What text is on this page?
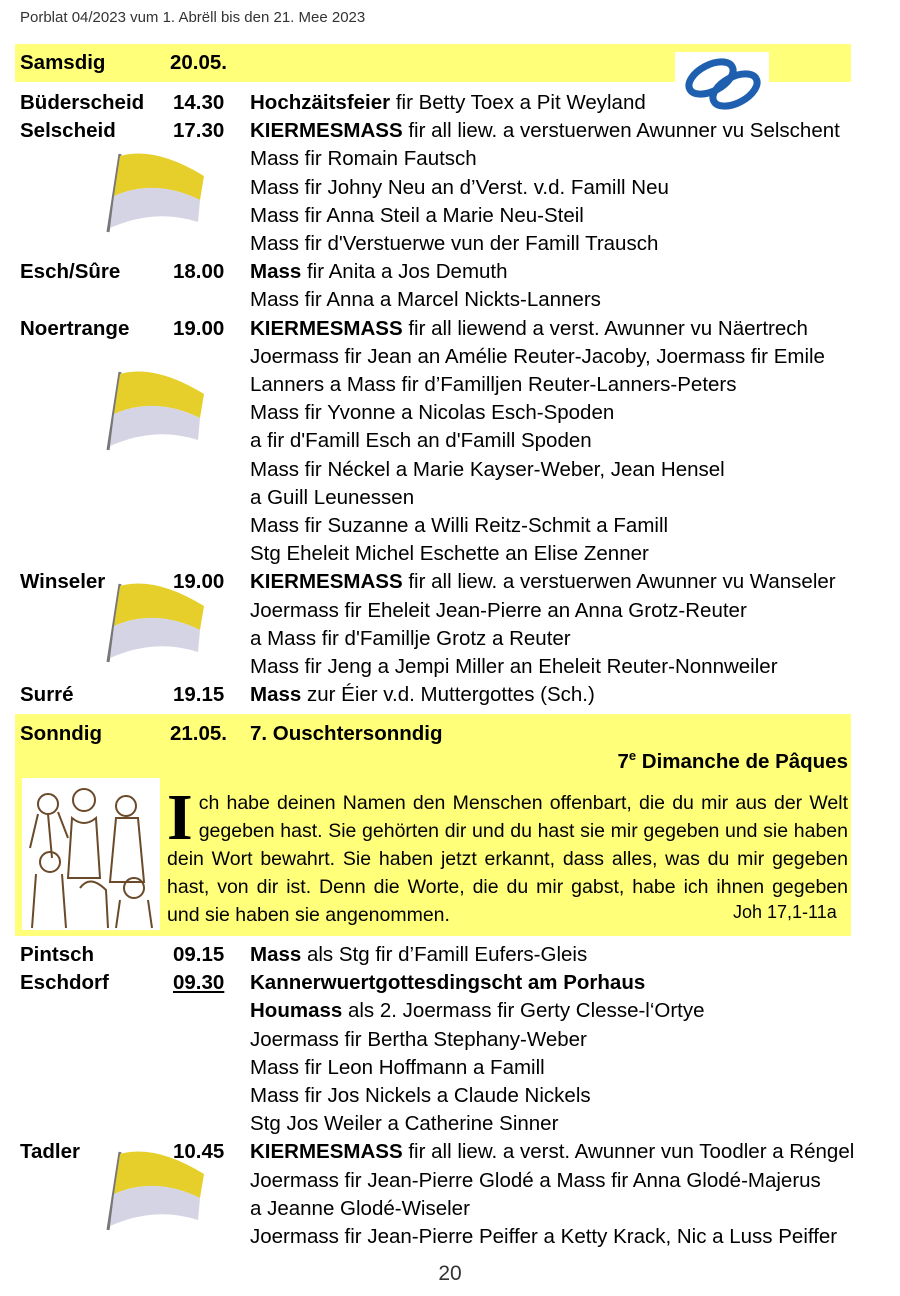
Porblat 04/2023 vum 1. Abrëll bis den 21. Mee 2023
Samsdig	20.05.
Büderscheid 14.30 Hochzäitsfeier fir Betty Toex a Pit Weyland
Selscheid	17.30 KIERMESMASS fir all liew. a verstuerwen Awunner vu Selschent
Mass fir Romain Fautsch
Mass fir Johny Neu an d’Verst. v.d. Famill Neu
Mass fir Anna Steil a Marie Neu-Steil
Mass fir d'Verstuerwe vun der Famill Trausch
Esch/Sûre	18.00 Mass fir Anita a Jos Demuth
Mass fir Anna a Marcel Nickts-Lanners
Noertrange 19.00 KIERMESMASS fir all liewend a verst. Awunner vu Näertrech
Joermass fir Jean an Amélie Reuter-Jacoby, Joermass fir Emile
Lanners a Mass fir d’Familljen Reuter-Lanners-Peters
Mass fir Yvonne a Nicolas Esch-Spoden
a fir d'Famill Esch an d'Famill Spoden
Mass fir Néckel a Marie Kayser-Weber, Jean Hensel
a Guill Leunessen
Mass fir Suzanne a Willi Reitz-Schmit a Famill
Stg Eheleit Michel Eschette an Elise Zenner
Winseler	19.00 KIERMESMASS fir all liew. a verstuerwen Awunner vu Wanseler
Joermass fir Eheleit Jean-Pierre an Anna Grotz-Reuter
a Mass fir d'Famillje Grotz a Reuter
Mass fir Jeng a Jempi Miller an Eheleit Reuter-Nonnweiler
Surré	19.15 Mass zur Éier v.d. Muttergottes (Sch.)
Sonndig	21.05. 7. Ouschtersonndig
7e Dimanche de Pâques
Ich habe deinen Namen den Menschen offenbart, die du mir aus der Welt gegeben hast. Sie gehörten dir und du hast sie mir gegeben und sie haben dein Wort bewahrt. Sie haben jetzt erkannt, dass alles, was du mir gegeben hast, von dir ist. Denn die Worte, die du mir gabst, habe ich ihnen gegeben und sie haben sie angenommen.	Joh 17,1-11a
Pintsch	09.15 Mass als Stg fir d’Famill Eufers-Gleis
Eschdorf	09.30 Kannerwuertgottesdingscht am Porhaus
Houmass als 2. Joermass fir Gerty Clesse-l‘Ortye
Joermass fir Bertha Stephany-Weber
Mass fir Leon Hoffmann a Famill
Mass fir Jos Nickels a Claude Nickels
Stg Jos Weiler a Catherine Sinner
Tadler	10.45 KIERMESMASS fir all liew. a verst. Awunner vun Toodler a Réngel
Joermass fir Jean-Pierre Glodé a Mass fir Anna Glodé-Majerus
a Jeanne Glodé-Wiseler
Joermass fir Jean-Pierre Peiffer a Ketty Krack, Nic a Luss Peiffer
20
